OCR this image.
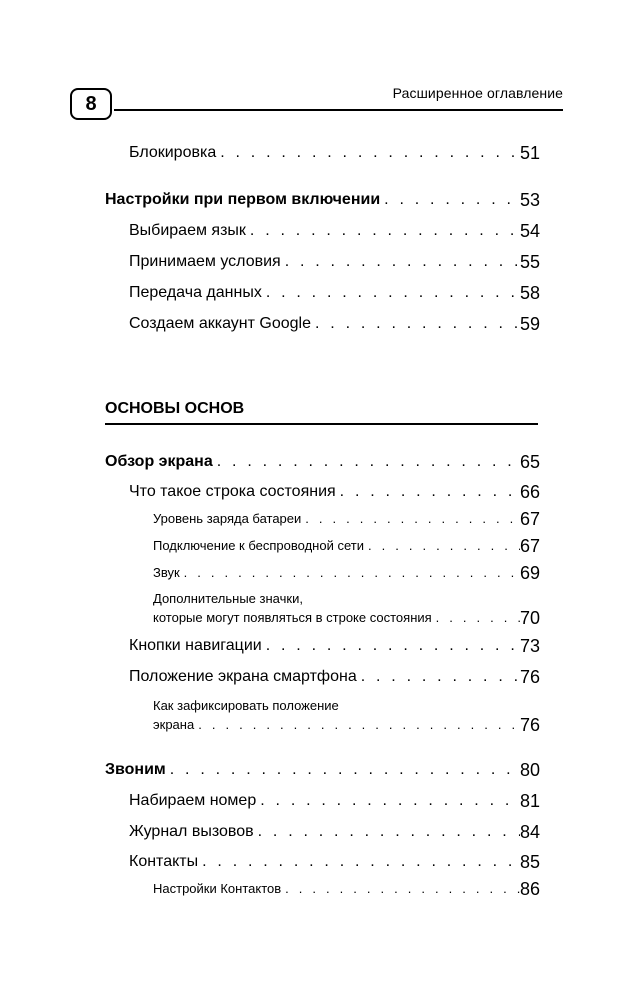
8	Расширенное оглавление
Блокировка . . .	51
Настройки при первом включении . . .	53
Выбираем язык . . .	54
Принимаем условия . . .	55
Передача данных . . .	58
Создаем аккаунт Google . . .	59
ОСНОВЫ ОСНОВ
Обзор экрана . . .	65
Что такое строка состояния . . .	66
Уровень заряда батареи . . .	67
Подключение к беспроводной сети . . .	67
Звук . . .	69
Дополнительные значки,
которые могут появляться в строке состояния . . .	70
Кнопки навигации . . .	73
Положение экрана смартфона . . .	76
Как зафиксировать положение
экрана . . .	76
Звоним . . .	80
Набираем номер . . .	81
Журнал вызовов . . .	84
Контакты . . .	85
Настройки Контактов . . .	86
